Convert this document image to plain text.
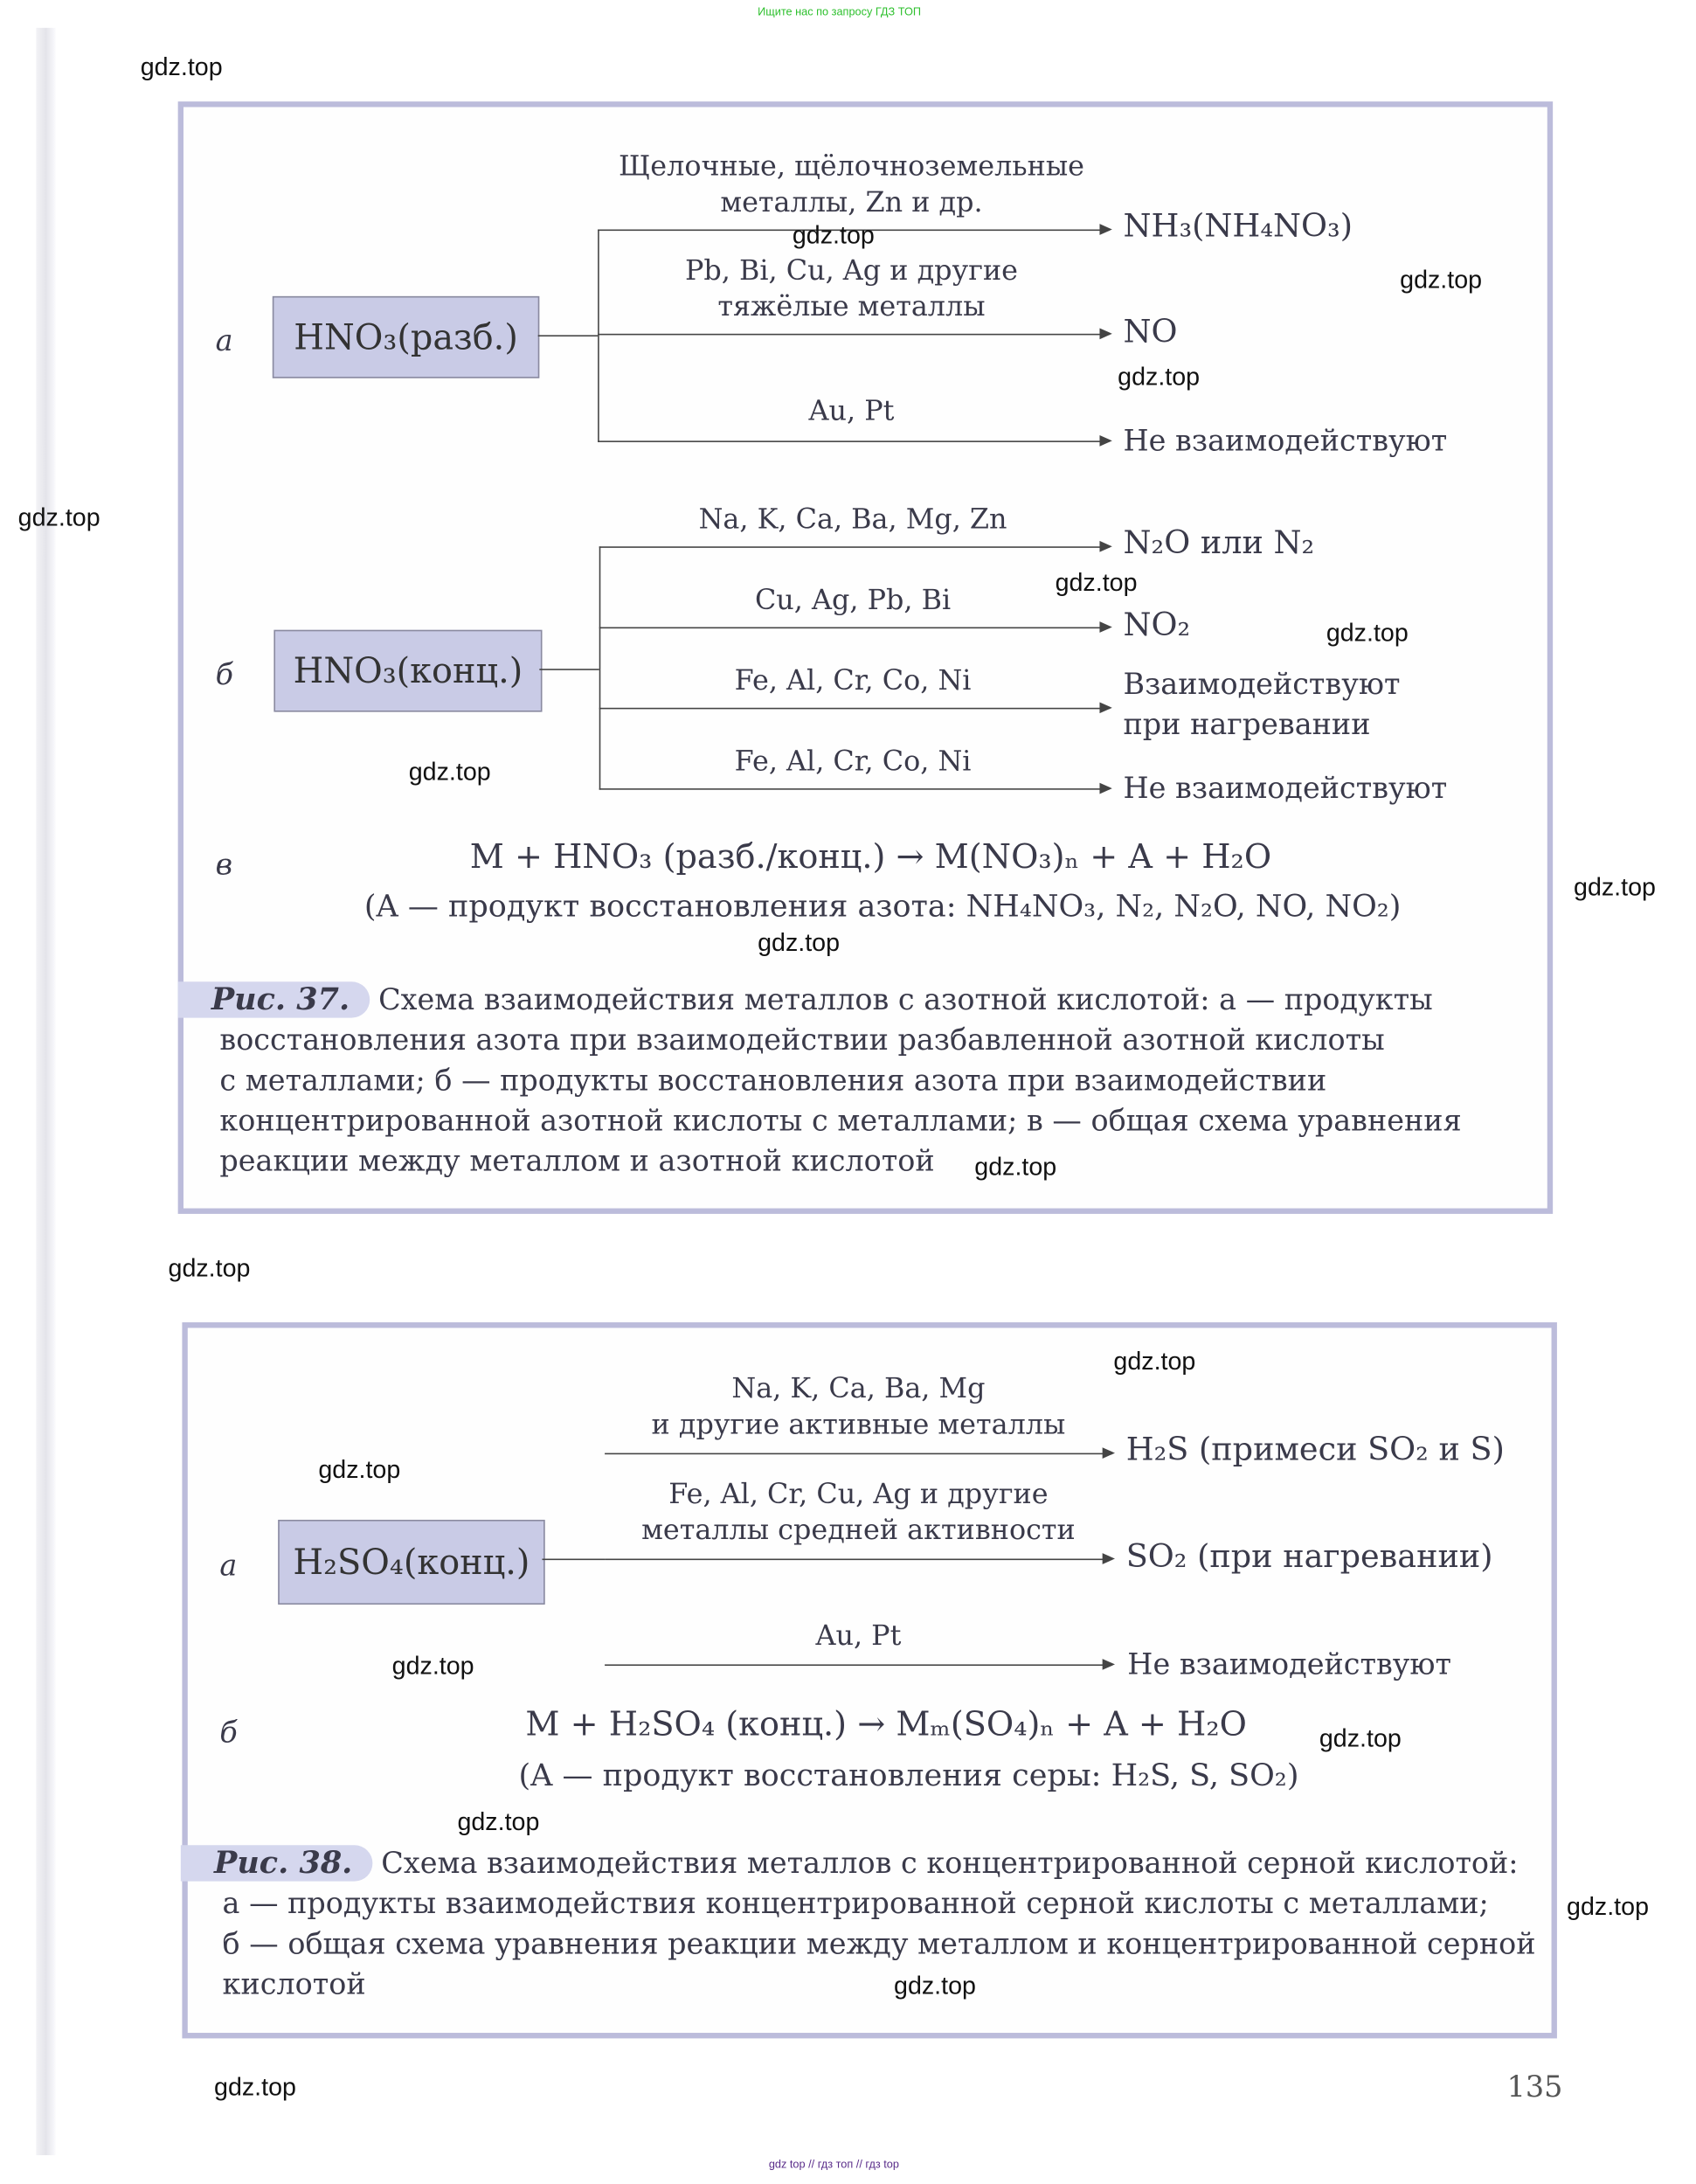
Ищите нас по запросу ГДЗ ТОП
а	HNO₃(разб.)
Щелочные, щёлочноземельные
металлы, Zn и др.
NH₃(NH₄NO₃)
Pb, Bi, Cu, Ag и другие
тяжёлые металлы
NO
Au, Pt
Не взаимодействуют
б	HNO₃(конц.)
Na, K, Ca, Ba, Mg, Zn
N₂O или N₂
Cu, Ag, Pb, Bi
NO₂
Fe, Al, Cr, Co, Ni	Взаимодействуют
при нагревании
Fe, Al, Cr, Co, Ni
Не взаимодействуют
в	M + HNO₃ (разб./конц.) → M(NO₃)ₙ + A + H₂O
(A — продукт восстановления азота: NH₄NO₃, N₂, N₂O, NO, NO₂)
Рис. 37. Схема взаимодействия металлов с азотной кислотой: а — продукты
восстановления азота при взаимодействии разбавленной азотной кислоты
с металлами; б — продукты восстановления азота при взаимодействии
концентрированной азотной кислоты с металлами; в — общая схема уравнения
реакции между металлом и азотной кислотой
а	H₂SO₄(конц.)
Na, K, Ca, Ba, Mg
и другие активные металлы
H₂S (примеси SO₂ и S)
Fe, Al, Cr, Cu, Ag и другие
металлы средней активности
SO₂ (при нагревании)
Au, Pt
Не взаимодействуют
б	M + H₂SO₄ (конц.) → Mₘ(SO₄)ₙ + A + H₂O
(A — продукт восстановления серы: H₂S, S, SO₂)
Рис. 38. Схема взаимодействия металлов с концентрированной серной кислотой:
а — продукты взаимодействия концентрированной серной кислоты с металлами;
б — общая схема уравнения реакции между металлом и концентрированной серной
кислотой
135
gdz top // гдз топ // гдз top
gdz.top
gdz.top
gdz.top
gdz.top
gdz.top
gdz.top
gdz.top
gdz.top
gdz.top
gdz.top
gdz.top
gdz.top
gdz.top
gdz.top
gdz.top
gdz.top
gdz.top
gdz.top
gdz.top
gdz.top
